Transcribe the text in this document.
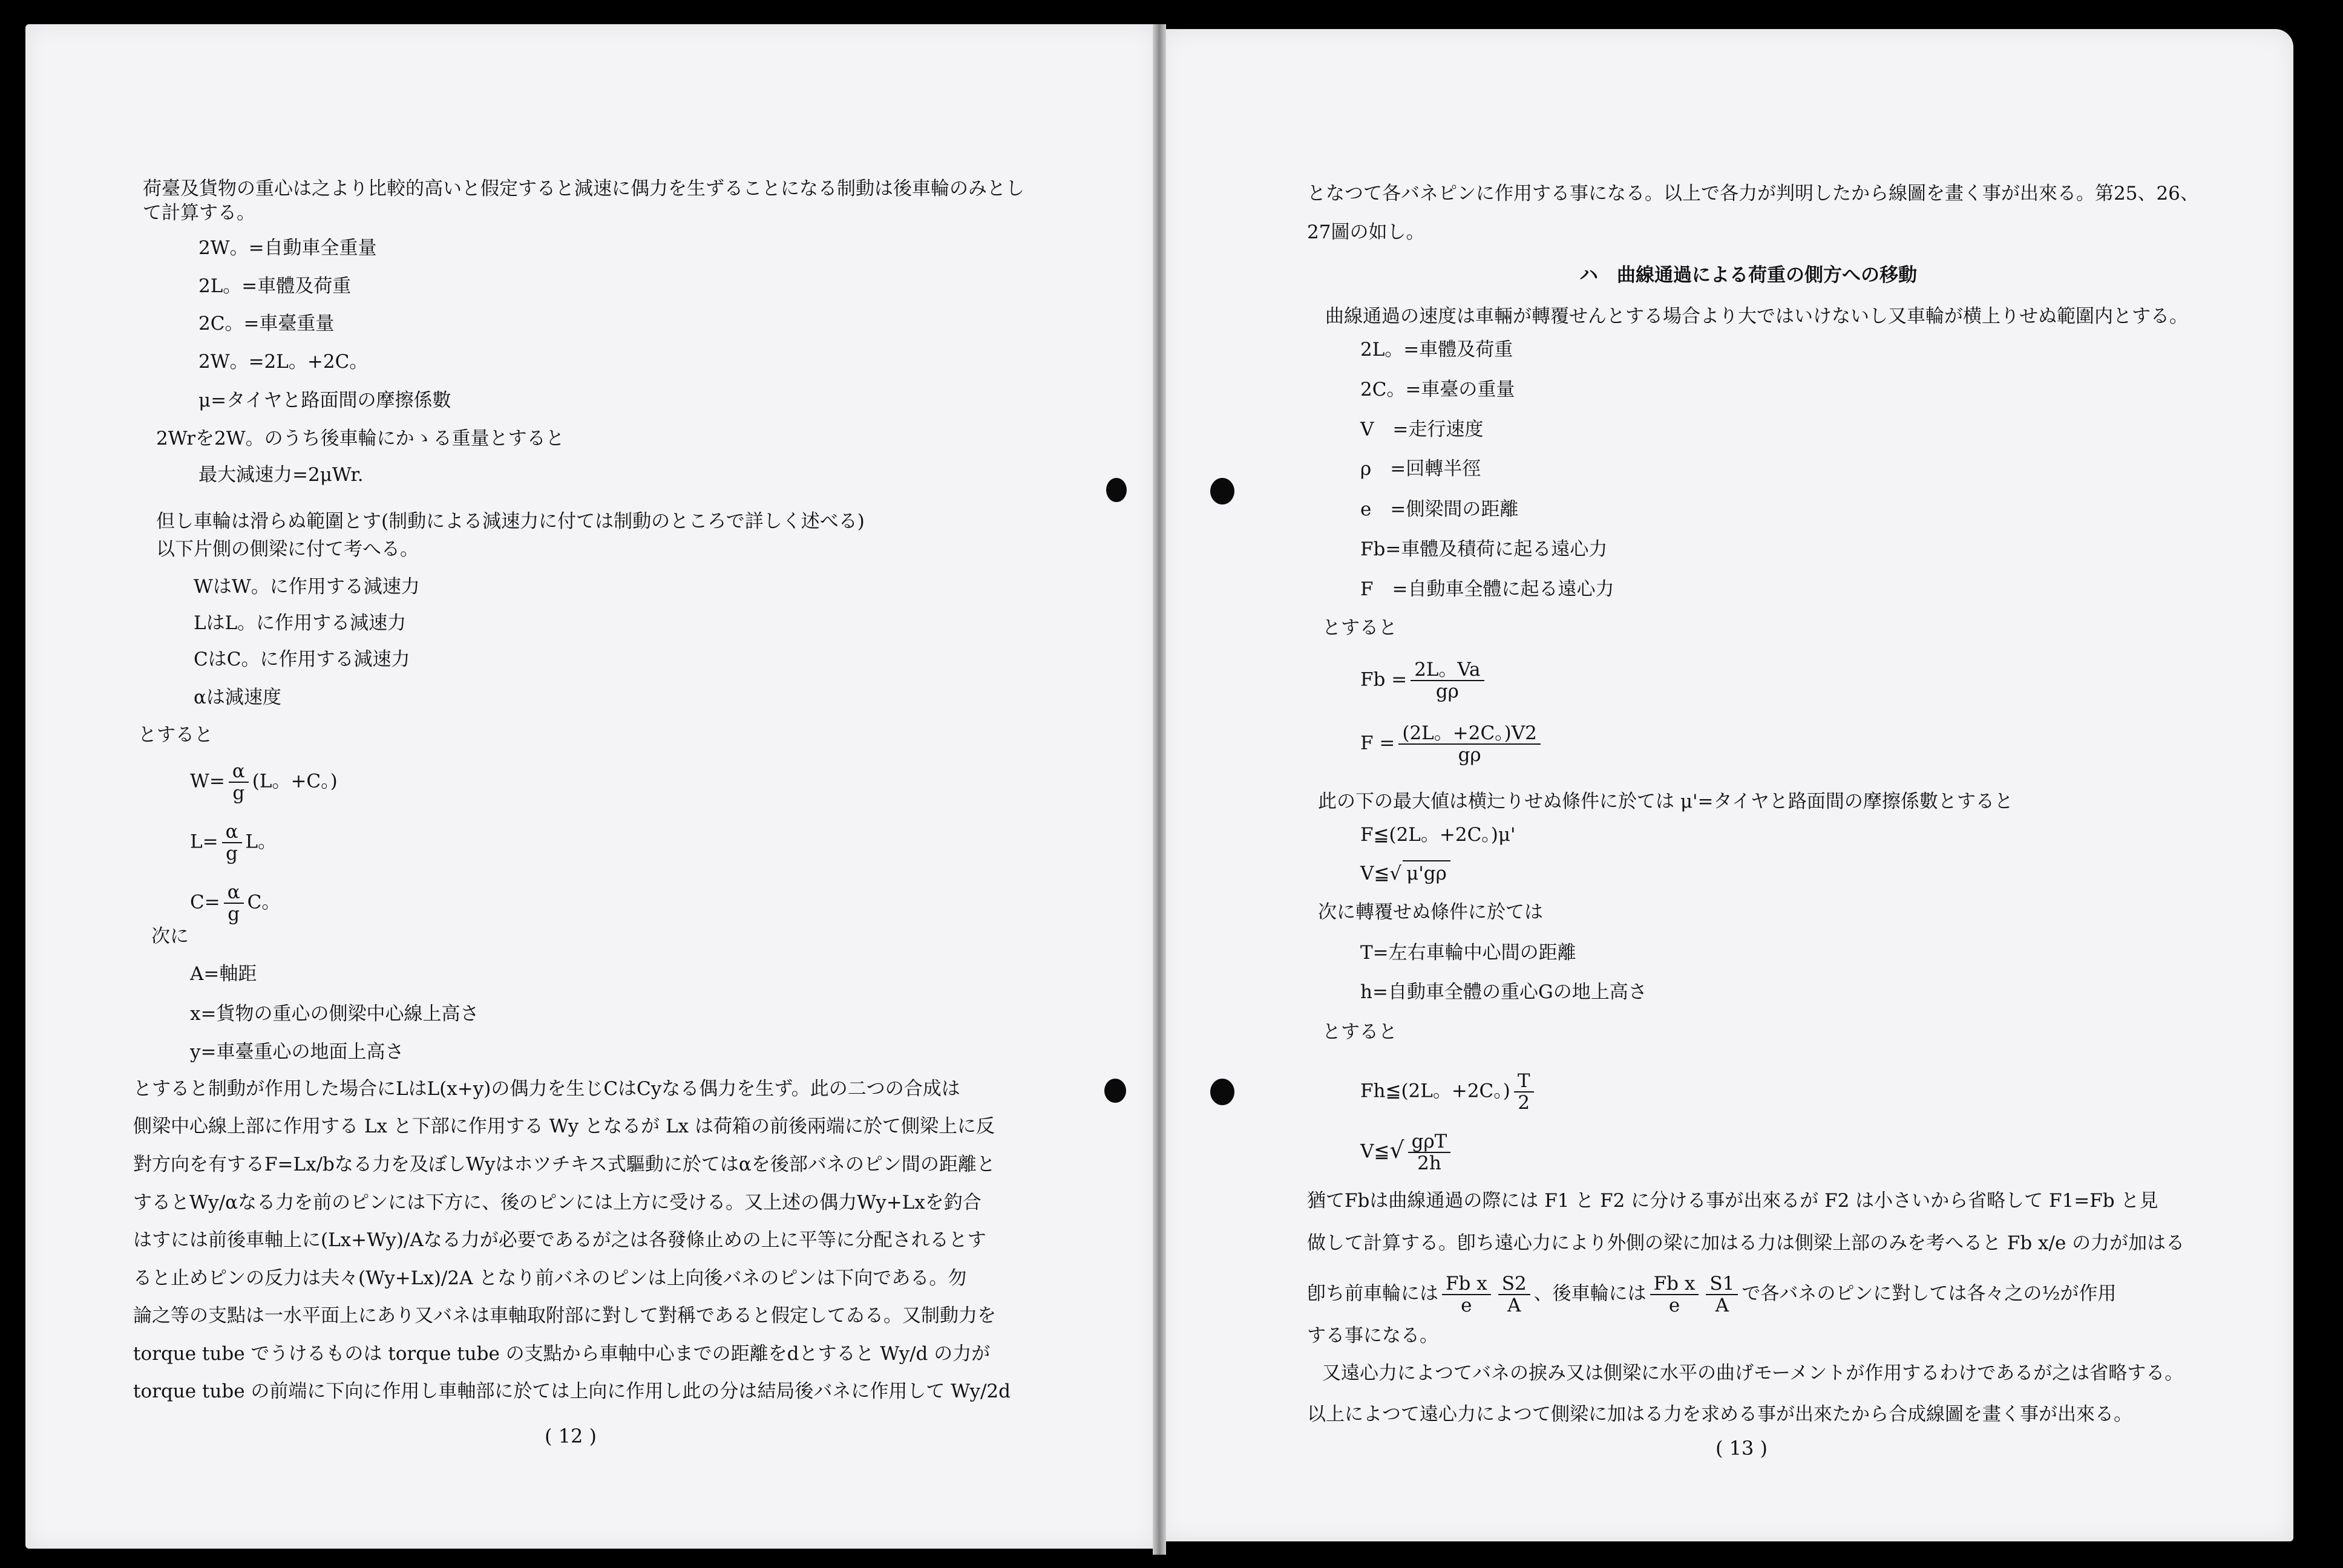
荷臺及貨物の重心は之より比較的高いと假定すると減速に偶力を生ずることになる制動は後車輪のみとし
て計算する。
2W。=自動車全重量
2L。=車體及荷重
2C。=車臺重量
2W。=2L。+2C。
μ=タイヤと路面間の摩擦係數
2Wrを2W。のうち後車輪にかゝる重量とすると
最大減速力=2μWr.
但し車輪は滑らぬ範圍とす(制動による減速力に付ては制動のところで詳しく述べる)
以下片側の側梁に付て考へる。
WはW。に作用する減速力
LはL。に作用する減速力
CはC。に作用する減速力
αは減速度
とすると
$W= \frac{\alpha}{g} (L$。+C。)
$L= \frac{\alpha}{g}$ L。
$C= \frac{\alpha}{g}$ C。
次に
A=軸距
x=貨物の重心の側梁中心線上高さ
y=車臺重心の地面上高さ
とすると制動が作用した場合にLはL(x+y)の偶力を生じCはCyなる偶力を生ず。此の二つの合成は
側梁中心線上部に作用する Lx と下部に作用する Wy となるが Lx は荷箱の前後兩端に於て側梁上に反
對方向を有するF=Lx/bなる力を及ぼしWyはホツチキス式驅動に於てはαを後部バネのピン間の距離と
するとWy/αなる力を前のピンには下方に、後のピンには上方に受ける。又上述の偶力Wy+Lxを釣合
はすには前後車軸上に(Lx+Wy)/Aなる力が必要であるが之は各發條止めの上に平等に分配されるとす
ると止めピンの反力は夫々(Wy+Lx)/2A となり前バネのピンは上向後バネのピンは下向である。勿
論之等の支點は一水平面上にあり又バネは車軸取附部に對して對稱であると假定してゐる。又制動力を
torque tube でうけるものは torque tube の支點から車軸中心までの距離をdとすると Wy/d の力が
torque tube の前端に下向に作用し車軸部に於ては上向に作用し此の分は結局後バネに作用して Wy/2d
( 12 )
となつて各バネピンに作用する事になる。以上で各力が判明したから線圖を畫く事が出來る。第25、26、
27圖の如し。
ハ　曲線通過による荷重の側方への移動
曲線通過の速度は車輛が轉覆せんとする場合より大ではいけないし又車輪が横上りせぬ範圍内とする。
2L。=車體及荷重
2C。=車臺の重量
V　=走行速度
ρ　=回轉半徑
e　=側梁間の距離
Fb=車體及積荷に起る遠心力
F　=自動車全體に起る遠心力
とすると
$Fb = \frac{2L。Va}{g\rho}$
$F = \frac{(2L。+2C。)V2}{g\rho}$
此の下の最大値は横辷りせぬ條件に於ては μ'=タイヤと路面間の摩擦係數とすると
F≦(2L。+2C。)μ'
V≦√ μ'gρ
次に轉覆せぬ條件に於ては
T=左右車輪中心間の距離
h=自動車全體の重心Gの地上高さ
とすると
Fh≦(2L。+2C。) $\frac{T}{2}$
V≦√ $\frac{\text{gρT}}{2h}$
猶てFbは曲線通過の際には F1 と F2 に分ける事が出來るが F2 は小さいから省略して F1=Fb と見
做して計算する。卽ち遠心力により外側の梁に加はる力は側梁上部のみを考へると Fb x/e の力が加はる
卽ち前車輪には $\frac{\text{Fb x}}{e} \frac{S2}{A}$ 、後車輪には $\frac{\text{Fb x}}{e} \frac{S1}{A}$ で各バネのピンに對しては各々之の½が作用
する事になる。
又遠心力によつてバネの捩み又は側梁に水平の曲げモーメントが作用するわけであるが之は省略する。
以上によつて遠心力によつて側梁に加はる力を求める事が出來たから合成線圖を畫く事が出來る。
( 13 )
